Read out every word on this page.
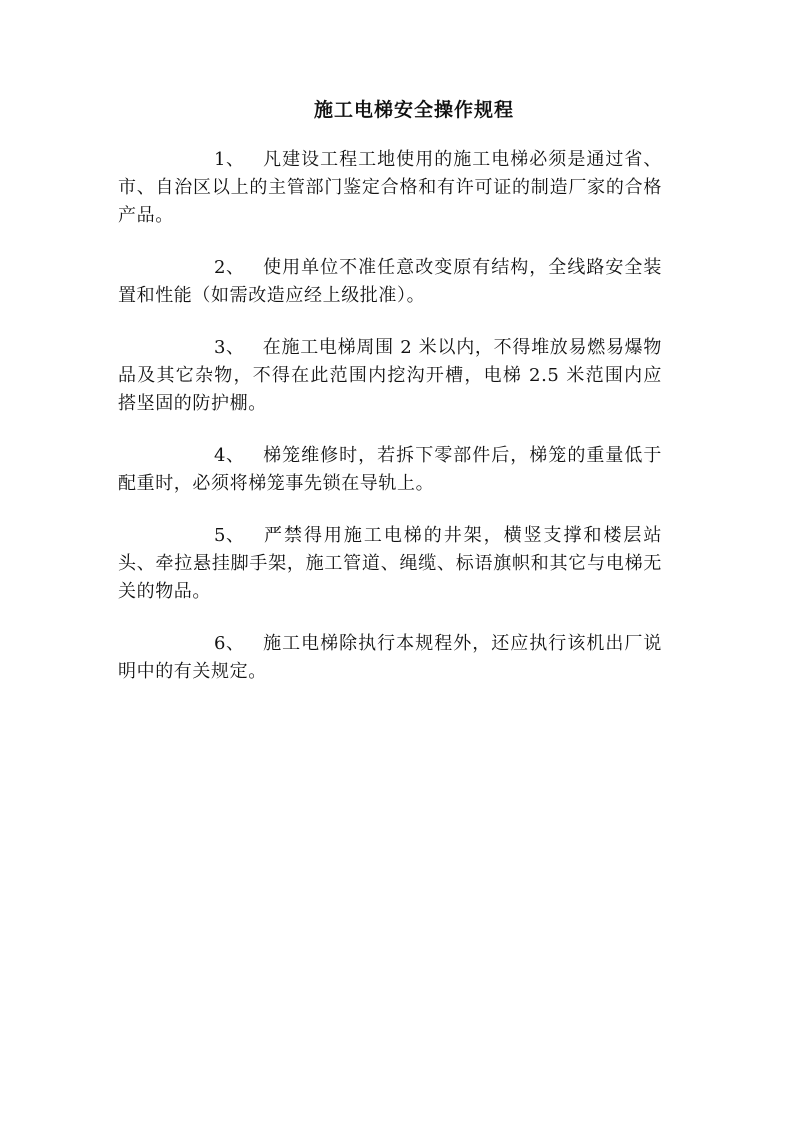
施工电梯安全操作规程

1、 凡建设工程工地使用的施工电梯必须是通过省、市、自治区以上的主管部门鉴定合格和有许可证的制造厂家的合格产品。

2、 使用单位不准任意改变原有结构，全线路安全装置和性能（如需改造应经上级批准）。

3、 在施工电梯周围 2 米以内，不得堆放易燃易爆物品及其它杂物，不得在此范围内挖沟开槽，电梯 2.5 米范围内应搭坚固的防护棚。

4、 梯笼维修时，若拆下零部件后，梯笼的重量低于配重时，必须将梯笼事先锁在导轨上。

5、 严禁得用施工电梯的井架，横竖支撑和楼层站头、牵拉悬挂脚手架，施工管道、绳缆、标语旗帜和其它与电梯无关的物品。

6、 施工电梯除执行本规程外，还应执行该机出厂说明中的有关规定。
